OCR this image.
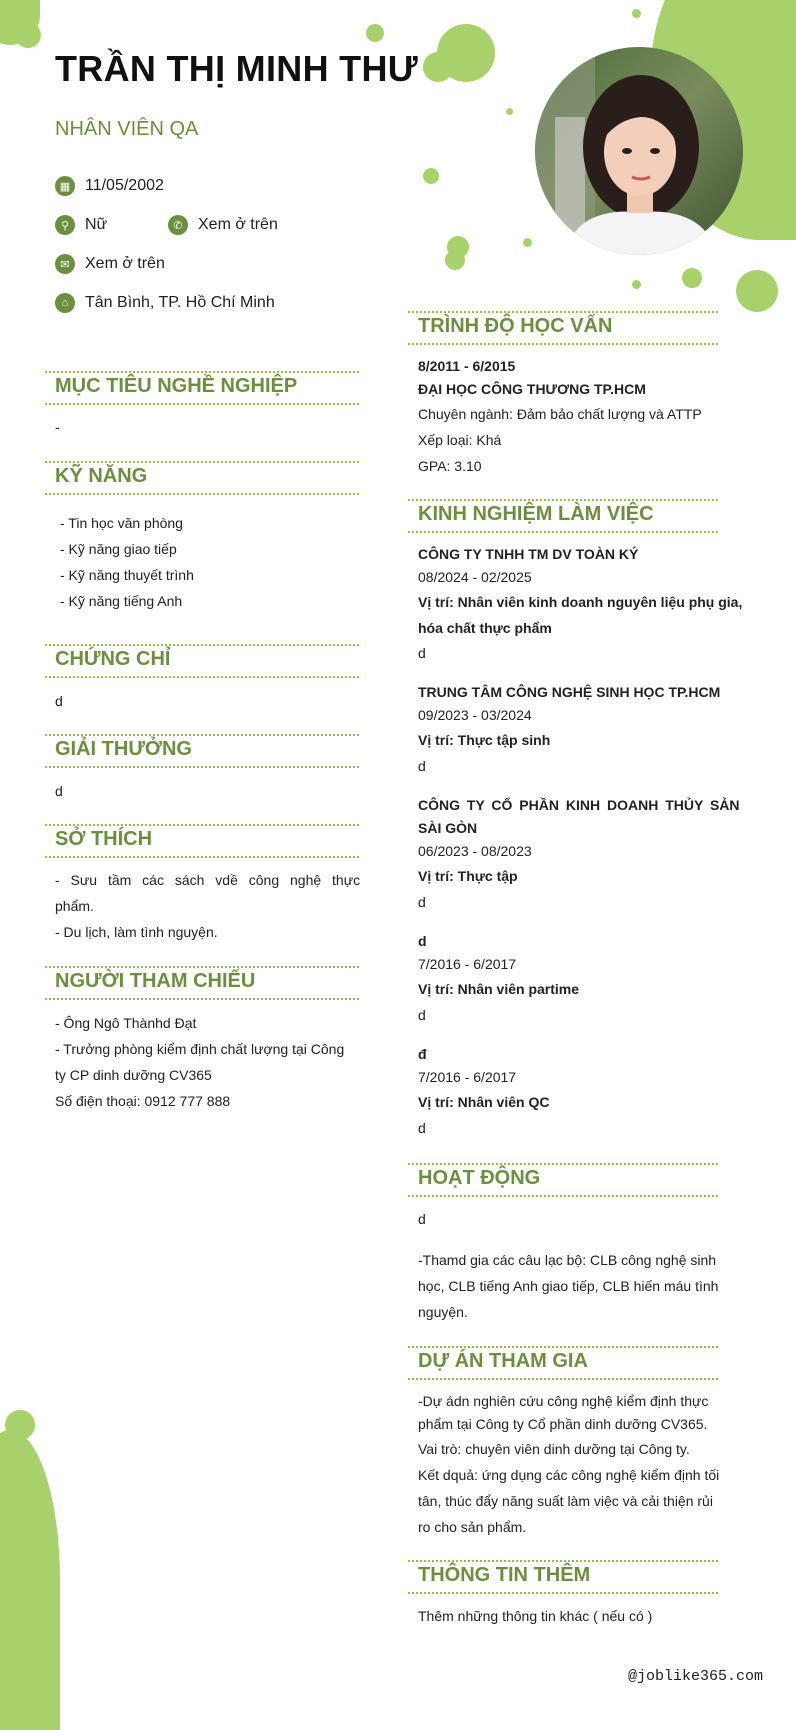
TRẦN THỊ MINH THƯ
NHÂN VIÊN QA
▦ 11/05/2002
⚲ Nữ	✆ Xem ở trên
✉ Xem ở trên
⌂	Tân Bình, TP. Hồ Chí Minh
MỤC TIÊU NGHỀ NGHIỆP
-
KỸ NĂNG
- Tin học văn phòng
- Kỹ năng giao tiếp
- Kỹ năng thuyết trình
- Kỹ năng tiếng Anh
CHỨNG CHỈ
d
GIẢI THƯỞNG
d
SỞ THÍCH
- Sưu tầm các sách vdề công nghệ thực
phẩm.
- Du lịch, làm tình nguyện.
NGƯỜI THAM CHIẾU
- Ông Ngô Thànhd Đạt
- Trưởng phòng kiểm định chất lượng tại Công
ty CP dinh dưỡng CV365
Số điện thoại: 0912 777 888
TRÌNH ĐỘ HỌC VẤN
8/2011 - 6/2015
ĐẠI HỌC CÔNG THƯƠNG TP.HCM
Chuyên ngành: Đảm bảo chất lượng và ATTP
Xếp loại: Khá
GPA: 3.10
KINH NGHIỆM LÀM VIỆC
CÔNG TY TNHH TM DV TOÀN KÝ
08/2024 - 02/2025
Vị trí: Nhân viên kinh doanh nguyên liệu phụ gia,
hóa chất thực phẩm
d
TRUNG TÂM CÔNG NGHỆ SINH HỌC TP.HCM
09/2023 - 03/2024
Vị trí: Thực tập sinh
d
CÔNG TY CỔ PHẦN KINH DOANH THỦY SẢN
SÀI GÒN
06/2023 - 08/2023
Vị trí: Thực tập
d
d
7/2016 - 6/2017
Vị trí: Nhân viên partime
d
đ
7/2016 - 6/2017
Vị trí: Nhân viên QC
d
HOẠT ĐỘNG
d
-Thamd gia các câu lạc bộ: CLB công nghệ sinh
học, CLB tiếng Anh giao tiếp, CLB hiến máu tình
nguyện.
DỰ ÁN THAM GIA
-Dự ádn nghiên cứu công nghệ kiểm định thực
phẩm tại Công ty Cổ phần dinh dưỡng CV365.
Vai trò: chuyên viên dinh dưỡng tại Công ty.
Kết dquả: ứng dụng các công nghệ kiểm định tối
tân, thúc đẩy năng suất làm việc và cải thiện rủi
ro cho sản phẩm.
THÔNG TIN THÊM
Thêm những thông tin khác ( nếu có )
@joblike365.com
